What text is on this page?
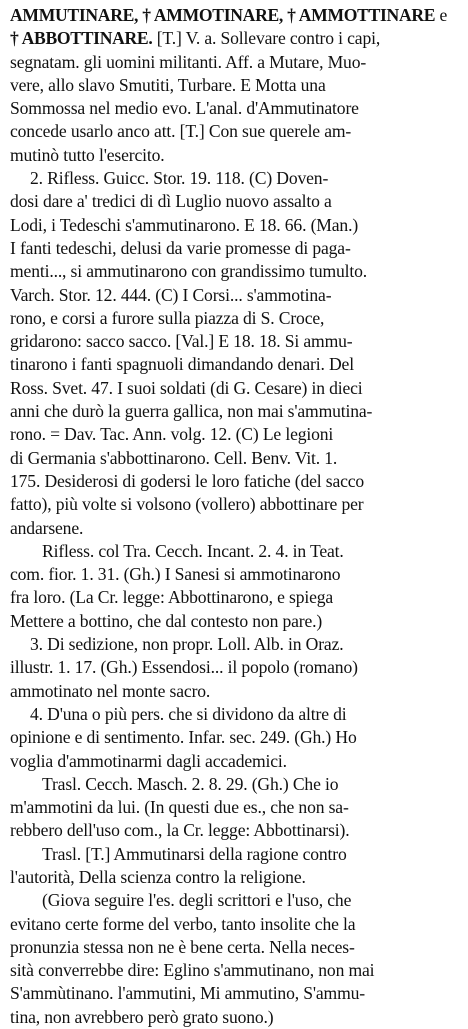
AMMUTINARE, † AMMOTINARE, † AMMOTTINARE e
† ABBOTTINARE. [T.] V. a. Sollevare contro i capi,
segnatam. gli uomini militanti. Aff. a Mutare, Muo-
vere, allo slavo Smutiti, Turbare. E Motta una
Sommossa nel medio evo. L'anal. d'Ammutinatore
concede usarlo anco att. [T.] Con sue querele am-
mutinò tutto l'esercito.
2. Rifless. Guicc. Stor. 19. 118. (C) Doven-
dosi dare a' tredici di dì Luglio nuovo assalto a
Lodi, i Tedeschi s'ammutinarono. E 18. 66. (Man.)
I fanti tedeschi, delusi da varie promesse di paga-
menti..., si ammutinarono con grandissimo tumulto.
Varch. Stor. 12. 444. (C) I Corsi... s'ammotina-
rono, e corsi a furore sulla piazza di S. Croce,
gridarono: sacco sacco. [Val.] E 18. 18. Si ammu-
tinarono i fanti spagnuoli dimandando denari. Del
Ross. Svet. 47. I suoi soldati (di G. Cesare) in dieci
anni che durò la guerra gallica, non mai s'ammutina-
rono. = Dav. Tac. Ann. volg. 12. (C) Le legioni
di Germania s'abbottinarono. Cell. Benv. Vit. 1.
175. Desiderosi di godersi le loro fatiche (del sacco
fatto), più volte si volsono (vollero) abbottinare per
andarsene.
Rifless. col Tra. Cecch. Incant. 2. 4. in Teat.
com. fior. 1. 31. (Gh.) I Sanesi si ammotinarono
fra loro. (La Cr. legge: Abbottinarono, e spiega
Mettere a bottino, che dal contesto non pare.)
3. Di sedizione, non propr. Loll. Alb. in Oraz.
illustr. 1. 17. (Gh.) Essendosi... il popolo (romano)
ammotinato nel monte sacro.
4. D'una o più pers. che si dividono da altre di
opinione e di sentimento. Infar. sec. 249. (Gh.) Ho
voglia d'ammotinarmi dagli accademici.
Trasl. Cecch. Masch. 2. 8. 29. (Gh.) Che io
m'ammotini da lui. (In questi due es., che non sa-
rebbero dell'uso com., la Cr. legge: Abbottinarsi).
Trasl. [T.] Ammutinarsi della ragione contro
l'autorità, Della scienza contro la religione.
(Giova seguire l'es. degli scrittori e l'uso, che
evitano certe forme del verbo, tanto insolite che la
pronunzia stessa non ne è bene certa. Nella neces-
sità converrebbe dire: Eglino s'ammutinano, non mai
S'ammùtinano. l'ammutini, Mi ammutino, S'ammu-
tina, non avrebbero però grato suono.)
